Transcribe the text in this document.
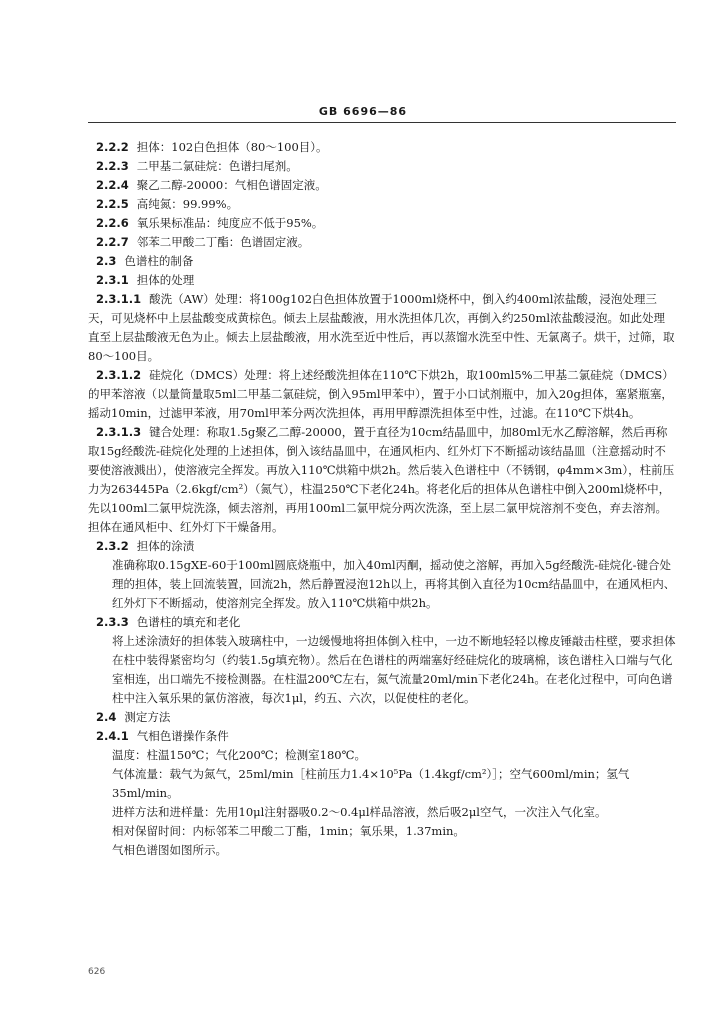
GB 6696—86
2.2.2 担体：102白色担体（80～100目）。
2.2.3 二甲基二氯硅烷：色谱扫尾剂。
2.2.4 聚乙二醇-20000：气相色谱固定液。
2.2.5 高纯氮：99.99%。
2.2.6 氧乐果标准品：纯度应不低于95%。
2.2.7 邻苯二甲酸二丁酯：色谱固定液。
2.3 色谱柱的制备
2.3.1 担体的处理
2.3.1.1 酸洗（AW）处理：将100g102白色担体放置于1000ml烧杯中，倒入约400ml浓盐酸，浸泡处理三天，可见烧杯中上层盐酸变成黄棕色。倾去上层盐酸液，用水洗担体几次，再倒入约250ml浓盐酸浸泡。如此处理直至上层盐酸液无色为止。倾去上层盐酸液，用水洗至近中性后，再以蒸馏水洗至中性、无氯离子。烘干，过筛，取80～100目。
2.3.1.2 硅烷化（DMCS）处理：将上述经酸洗担体在110℃下烘2h，取100ml5%二甲基二氯硅烷（DMCS）的甲苯溶液（以量筒量取5ml二甲基二氯硅烷，倒入95ml甲苯中），置于小口试剂瓶中，加入20g担体，塞紧瓶塞，摇动10min，过滤甲苯液，用70ml甲苯分两次洗担体，再用甲醇漂洗担体至中性，过滤。在110℃下烘4h。
2.3.1.3 键合处理：称取1.5g聚乙二醇-20000，置于直径为10cm结晶皿中，加80ml无水乙醇溶解，然后再称取15g经酸洗-硅烷化处理的上述担体，倒入该结晶皿中，在通风柜内、红外灯下不断摇动该结晶皿（注意摇动时不要使溶液溅出），使溶液完全挥发。再放入110℃烘箱中烘2h。然后装入色谱柱中（不锈钢，φ4mm×3m），柱前压力为263445Pa（2.6kgf/cm²）（氮气），柱温250℃下老化24h。将老化后的担体从色谱柱中倒入200ml烧杯中，先以100ml二氯甲烷洗涤，倾去溶剂，再用100ml二氯甲烷分两次洗涤，至上层二氯甲烷溶剂不变色，弃去溶剂。担体在通风柜中、红外灯下干燥备用。
2.3.2 担体的涂渍
准确称取0.15gXE-60于100ml圆底烧瓶中，加入40ml丙酮，摇动使之溶解，再加入5g经酸洗-硅烷化-键合处理的担体，装上回流装置，回流2h，然后静置浸泡12h以上，再将其倒入直径为10cm结晶皿中，在通风柜内、红外灯下不断摇动，使溶剂完全挥发。放入110℃烘箱中烘2h。
2.3.3 色谱柱的填充和老化
将上述涂渍好的担体装入玻璃柱中，一边缓慢地将担体倒入柱中，一边不断地轻轻以橡皮锤敲击柱壁，要求担体在柱中装得紧密均匀（约装1.5g填充物）。然后在色谱柱的两端塞好经硅烷化的玻璃棉，该色谱柱入口端与气化室相连，出口端先不接检测器。在柱温200℃左右，氮气流量20ml/min下老化24h。在老化过程中，可向色谱柱中注入氧乐果的氯仿溶液，每次1μl，约五、六次，以促使柱的老化。
2.4 测定方法
2.4.1 气相色谱操作条件
温度：柱温150℃；气化200℃；检测室180℃。
气体流量：载气为氮气，25ml/min［柱前压力1.4×10⁵Pa（1.4kgf/cm²）］；空气600ml/min；氢气35ml/min。
进样方法和进样量：先用10μl注射器吸0.2～0.4μl样品溶液，然后吸2μl空气，一次注入气化室。
相对保留时间：内标邻苯二甲酸二丁酯，1min；氧乐果，1.37min。
气相色谱图如图所示。
626
